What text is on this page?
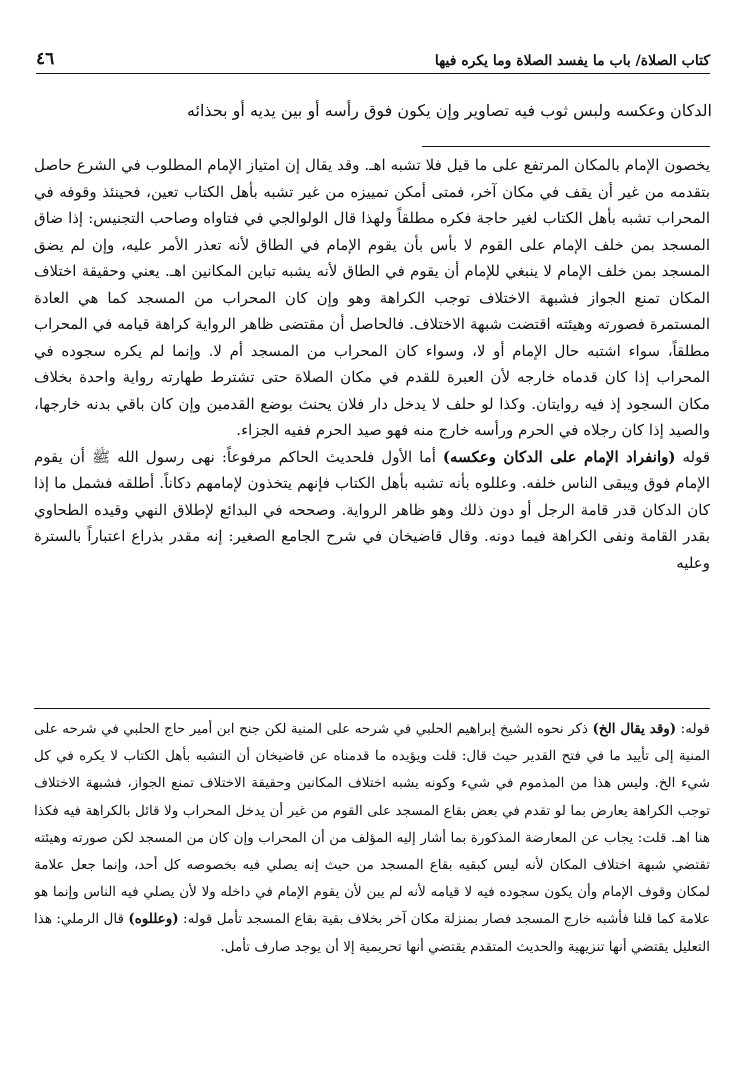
كتاب الصلاة/ باب ما يفسد الصلاة وما يكره فيها
٤٦
الدكان وعكسه ولبس ثوب فيه تصاوير وإن يكون فوق رأسه أو بين يديه أو بحذائه

يخصون الإمام بالمكان المرتفع على ما قيل فلا تشبه اهـ. وقد يقال إن امتياز الإمام المطلوب في الشرع حاصل بتقدمه من غير أن يقف في مكان آخر، فمتى أمكن تمييزه من غير تشبه بأهل الكتاب تعين، فحينئذ وقوفه في المحراب تشبه بأهل الكتاب لغير حاجة فكره مطلقاً ولهذا قال الولوالجي في فتاواه وصاحب التجنيس: إذا ضاق المسجد بمن خلف الإمام على القوم لا بأس بأن يقوم الإمام في الطاق لأنه تعذر الأمر عليه، وإن لم يضق المسجد بمن خلف الإمام لا ينبغي للإمام أن يقوم في الطاق لأنه يشبه تباين المكانين اهـ. يعني وحقيقة اختلاف المكان تمنع الجواز فشبهة الاختلاف توجب الكراهة وهو وإن كان المحراب من المسجد كما هي العادة المستمرة فصورته وهيئته اقتضت شبهة الاختلاف. فالحاصل أن مقتضى ظاهر الرواية كراهة قيامه في المحراب مطلقاً، سواء اشتبه حال الإمام أو لا، وسواء كان المحراب من المسجد أم لا. وإنما لم يكره سجوده في المحراب إذا كان قدماه خارجه لأن العبرة للقدم في مكان الصلاة حتى تشترط طهارته رواية واحدة بخلاف مكان السجود إذ فيه روايتان. وكذا لو حلف لا يدخل دار فلان يحنث بوضع القدمين وإن كان باقي بدنه خارجها، والصيد إذا كان رجلاه في الحرم ورأسه خارج منه فهو صيد الحرم ففيه الجزاء.

قوله (وانفراد الإمام على الدكان وعكسه) أما الأول فلحديث الحاكم مرفوعاً: نهى رسول الله ﷺ أن يقوم الإمام فوق ويبقى الناس خلفه. وعللوه بأنه تشبه بأهل الكتاب فإنهم يتخذون لإمامهم دكاناً. أطلقه فشمل ما إذا كان الدكان قدر قامة الرجل أو دون ذلك وهو ظاهر الرواية. وصححه في البدائع لإطلاق النهي وقيده الطحاوي بقدر القامة ونفى الكراهة فيما دونه. وقال قاضيخان في شرح الجامع الصغير: إنه مقدر بذراع اعتباراً بالسترة وعليه

قوله: (وقد يقال الخ) ذكر نحوه الشيخ إبراهيم الحلبي في شرحه على المنية لكن جنح ابن أمير حاج الحلبي في شرحه على المنية إلى تأييد ما في فتح القدير حيث قال: قلت ويؤيده ما قدمناه عن قاضيخان أن التشبه بأهل الكتاب لا يكره في كل شيء الخ. وليس هذا من المذموم في شيء وكونه يشبه اختلاف المكانين وحقيقة الاختلاف تمنع الجواز، فشبهة الاختلاف توجب الكراهة يعارض بما لو تقدم في بعض بقاع المسجد على القوم من غير أن يدخل المحراب ولا قائل بالكراهة فيه فكذا هنا اهـ. قلت: يجاب عن المعارضة المذكورة بما أشار إليه المؤلف من أن المحراب وإن كان من المسجد لكن صورته وهيئته تقتضي شبهة اختلاف المكان لأنه ليس كبقيه بقاع المسجد من حيث إنه يصلي فيه بخصوصه كل أحد، وإنما جعل علامة لمكان وقوف الإمام وأن يكون سجوده فيه لا قيامه لأنه لم يبن لأن يقوم الإمام في داخله ولا لأن يصلي فيه الناس وإنما هو علامة كما قلنا فأشبه خارج المسجد فصار بمنزلة مكان آخر بخلاف بقية بقاع المسجد تأمل قوله: (وعللوه) قال الرملي: هذا التعليل يقتضي أنها تنزيهية والحديث المتقدم يقتضي أنها تحريمية إلا أن يوجد صارف تأمل.
